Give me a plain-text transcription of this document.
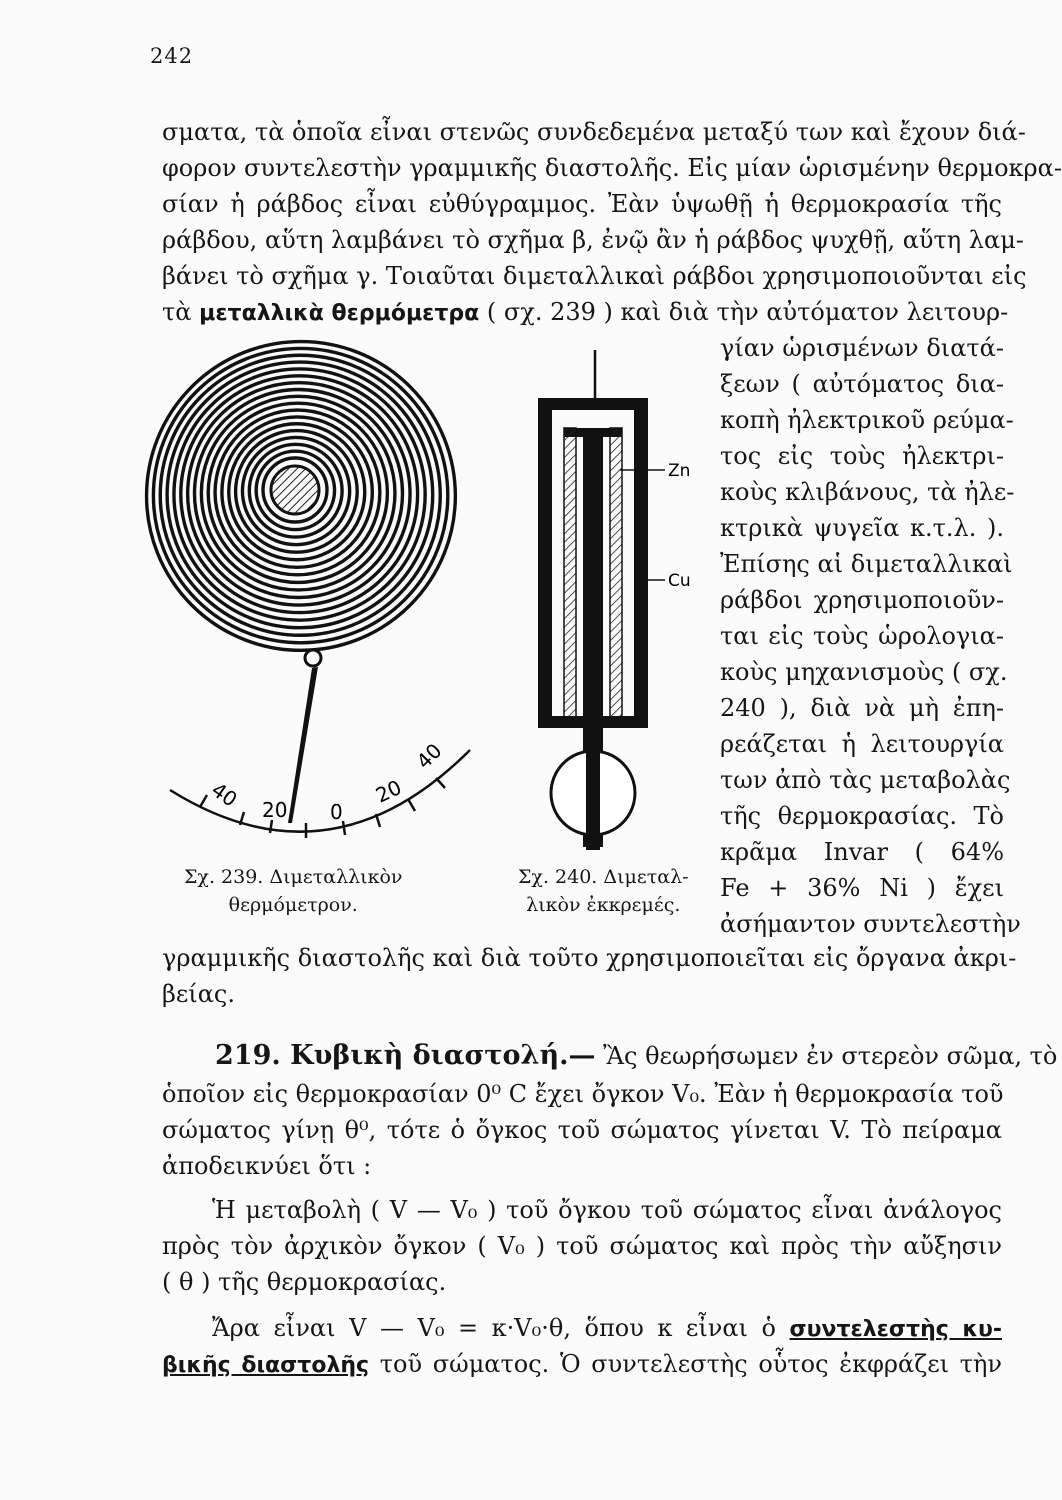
242
σματα, τὰ ὁποῖα εἶναι στενῶς συνδεδεμένα μεταξύ των καὶ ἔχουν διά-
φορον συντελεστὴν γραμμικῆς διαστολῆς. Εἰς μίαν ὡρισμένην θερμοκρα-
σίαν ἡ ράβδος εἶναι εὐθύγραμμος. Ἐὰν ὑψωθῇ ἡ θερμοκρασία τῆς
ράβδου, αὕτη λαμβάνει τὸ σχῆμα β, ἐνῷ ἂν ἡ ράβδος ψυχθῇ, αὕτη λαμ-
βάνει τὸ σχῆμα γ. Τοιαῦται διμεταλλικαὶ ράβδοι χρησιμοποιοῦνται εἰς
τὰ μεταλλικὰ θερμόμετρα ( σχ. 239 ) καὶ διὰ τὴν αὐτόματον λειτουρ-
γίαν ὡρισμένων διατά-
ξεων ( αὐτόματος δια-
κοπὴ ἠλεκτρικοῦ ρεύμα-
τος εἰς τοὺς ἠλεκτρι-
κοὺς κλιβάνους, τὰ ἠλε-
κτρικὰ ψυγεῖα κ.τ.λ. ).
Ἐπίσης αἱ διμεταλλικαὶ
ράβδοι χρησιμοποιοῦν-
ται εἰς τοὺς ὡρολογια-
κοὺς μηχανισμοὺς ( σχ.
240 ), διὰ νὰ μὴ ἐπη-
ρεάζεται ἡ λειτουργία
των ἀπὸ τὰς μεταβολὰς
τῆς θερμοκρασίας. Τὸ
κρᾶμα Invar ( 64%
Fe + 36% Ni ) ἔχει
ἀσήμαντον συντελεστὴν
40 20 0
20
40
Σχ. 239. Διμεταλλικὸν
θερμόμετρον.
Zn
Cu
Σχ. 240. Διμεταλ-
λικὸν ἐκκρεμές.
γραμμικῆς διαστολῆς καὶ διὰ τοῦτο χρησιμοποιεῖται εἰς ὄργανα ἀκρι-
βείας.
219. Κυβικὴ διαστολή.— Ἂς θεωρήσωμεν ἐν στερεὸν σῶμα, τὸ
ὁποῖον εἰς θερμοκρασίαν 0⁰ C ἔχει ὄγκον V₀. Ἐὰν ἡ θερμοκρασία τοῦ
σώματος γίνῃ θ⁰, τότε ὁ ὄγκος τοῦ σώματος γίνεται V. Τὸ πείραμα
ἀποδεικνύει ὅτι :
Ἡ μεταβολὴ ( V — V₀ ) τοῦ ὄγκου τοῦ σώματος εἶναι ἀνάλογος
πρὸς τὸν ἀρχικὸν ὄγκον ( V₀ ) τοῦ σώματος καὶ πρὸς τὴν αὔξησιν
( θ ) τῆς θερμοκρασίας.
Ἄρα εἶναι V — V₀ = κ·V₀·θ, ὅπου κ εἶναι ὁ συντελεστὴς κυ-
βικῆς διαστολῆς τοῦ σώματος. Ὁ συντελεστὴς οὗτος ἐκφράζει τὴν
